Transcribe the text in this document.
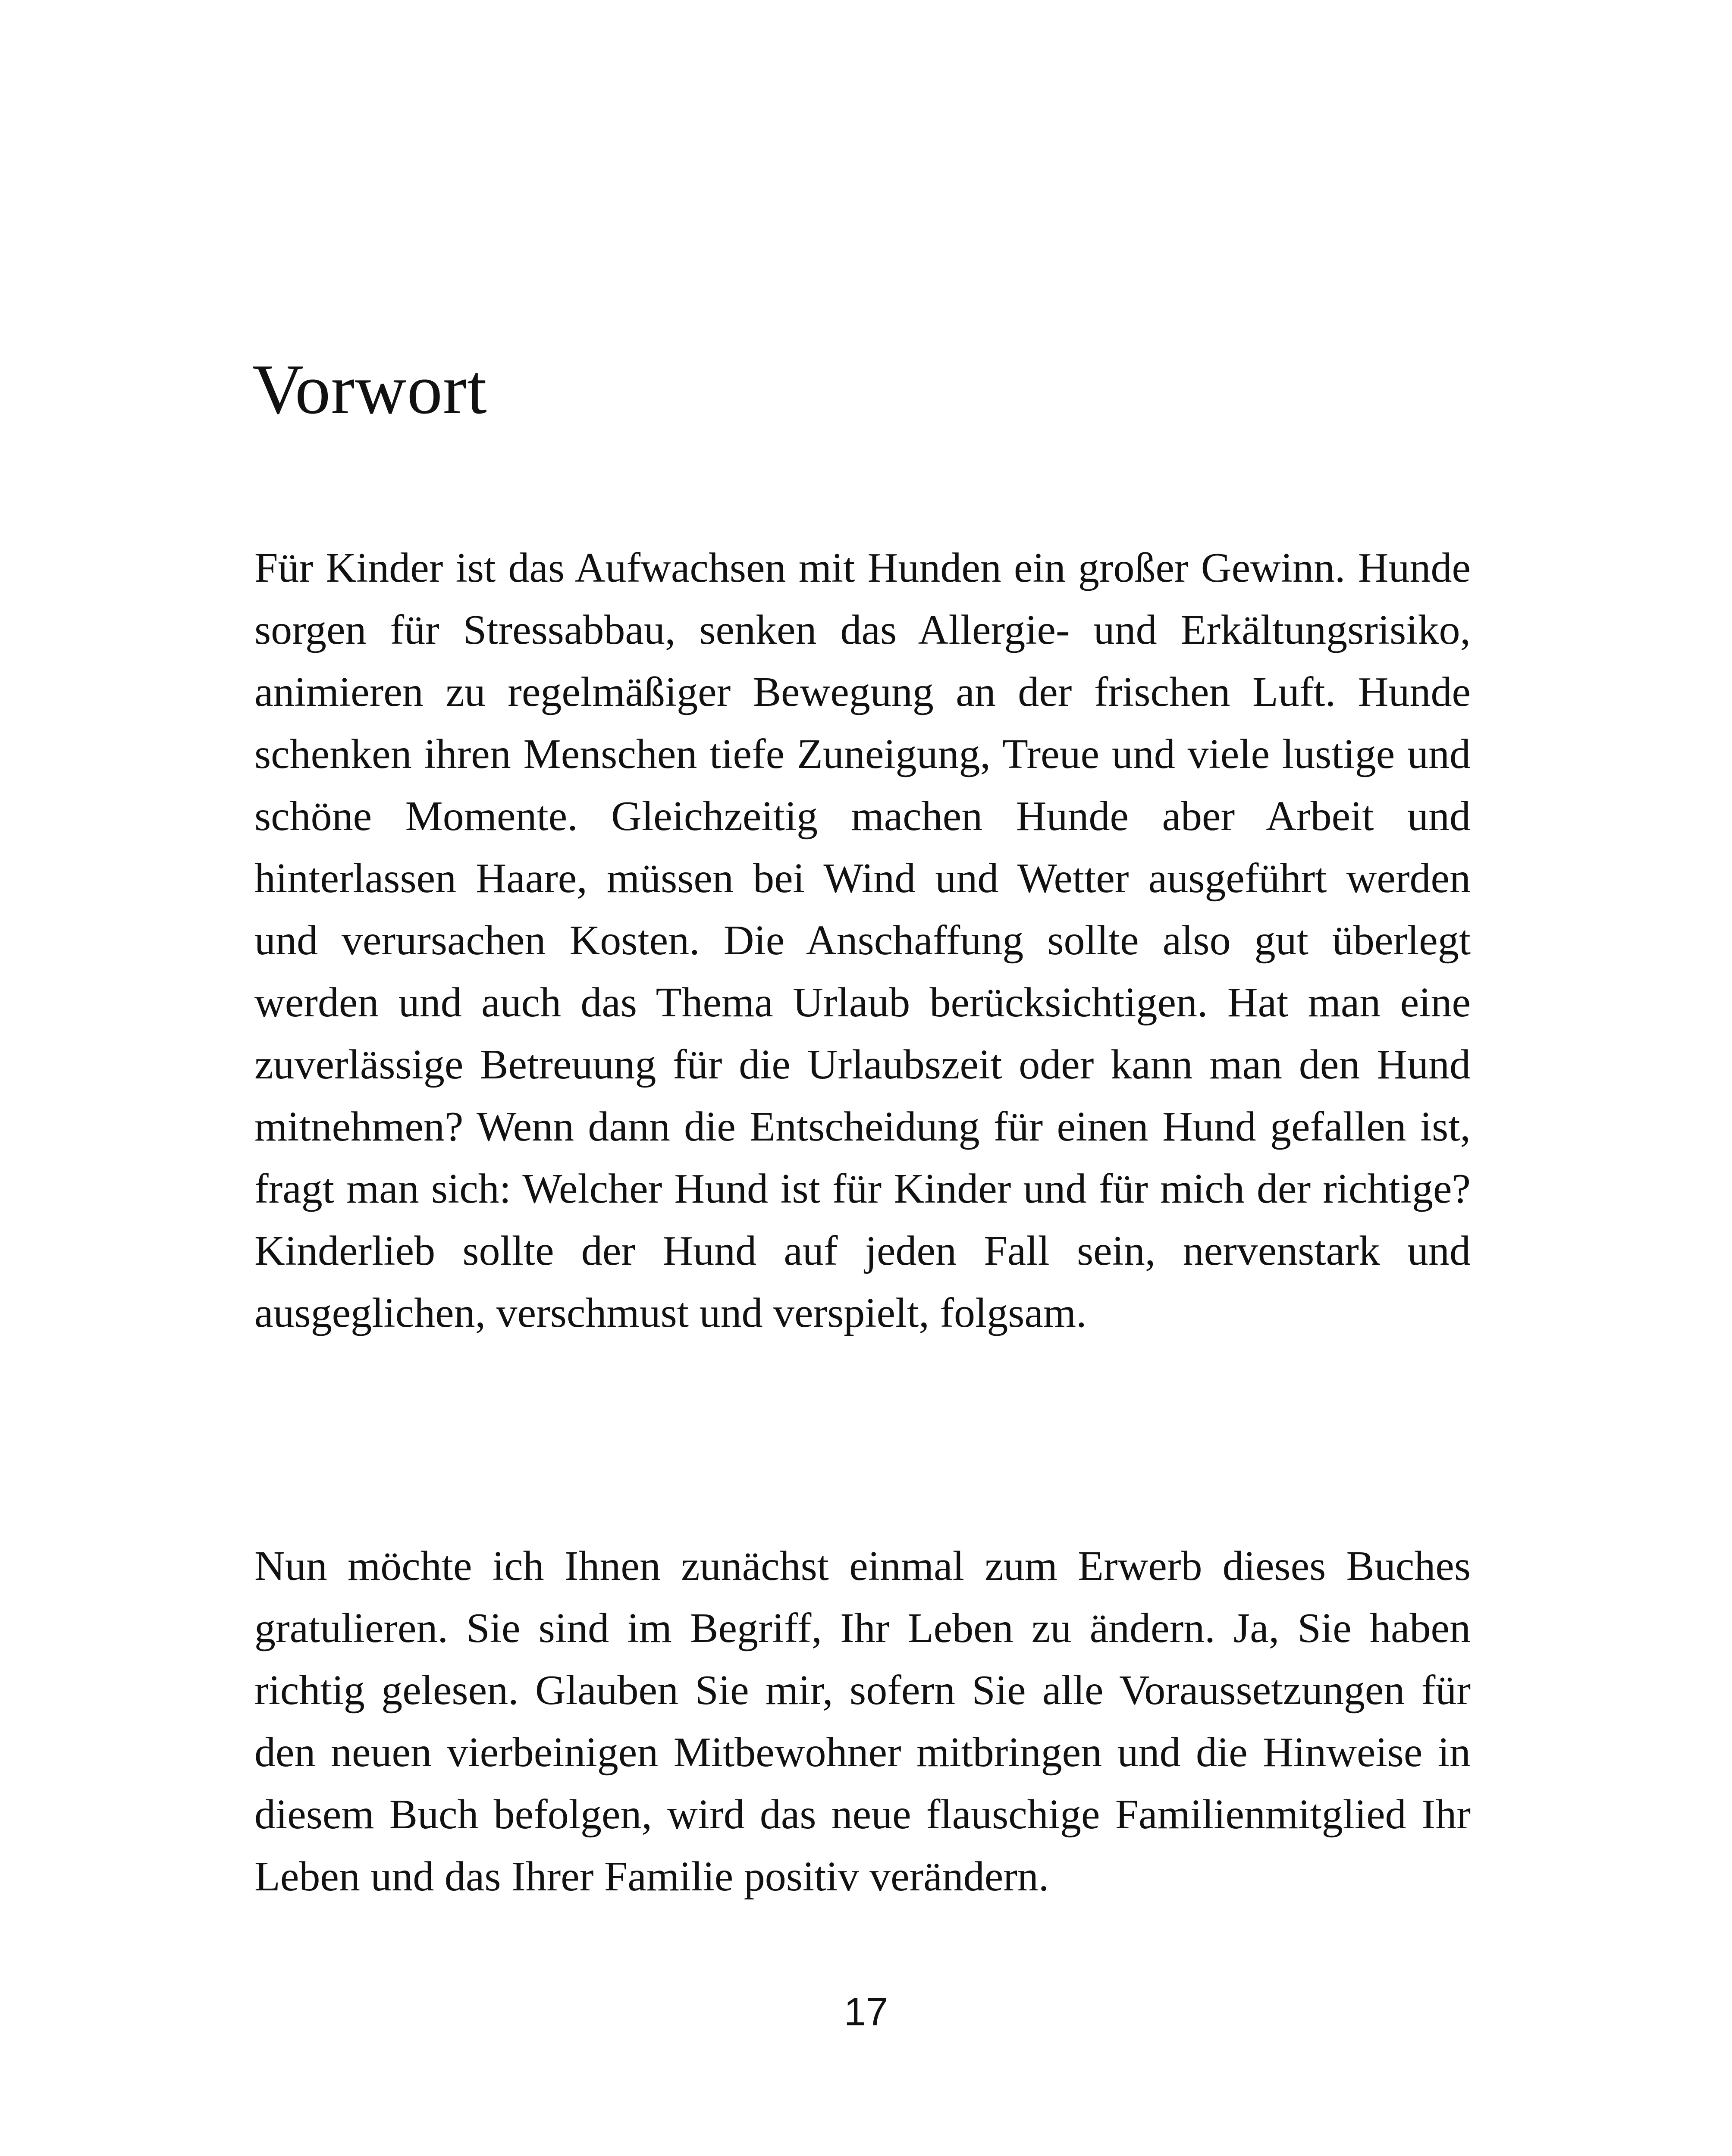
Vorwort

Für Kinder ist das Aufwachsen mit Hunden ein großer Gewinn. Hunde sorgen für Stressabbau, senken das Allergie- und Erkältungsrisiko, animieren zu regelmäßiger Bewegung an der frischen Luft. Hunde schenken ihren Menschen tiefe Zuneigung, Treue und viele lustige und schöne Momente. Gleichzeitig machen Hunde aber Arbeit und hinterlassen Haare, müssen bei Wind und Wetter ausgeführt werden und verursachen Kosten. Die Anschaffung sollte also gut überlegt werden und auch das Thema Urlaub berücksichtigen. Hat man eine zuverlässige Betreuung für die Urlaubszeit oder kann man den Hund mitnehmen? Wenn dann die Entscheidung für einen Hund gefallen ist, fragt man sich: Welcher Hund ist für Kinder und für mich der richtige? Kinderlieb sollte der Hund auf jeden Fall sein, nervenstark und ausgeglichen, verschmust und verspielt, folgsam.

Nun möchte ich Ihnen zunächst einmal zum Erwerb dieses Buches gratulieren. Sie sind im Begriff, Ihr Leben zu ändern. Ja, Sie haben richtig gelesen. Glauben Sie mir, sofern Sie alle Voraussetzungen für den neuen vierbeinigen Mitbewohner mitbringen und die Hinweise in diesem Buch befolgen, wird das neue flauschige Familienmitglied Ihr Leben und das Ihrer Familie positiv verändern.

17
